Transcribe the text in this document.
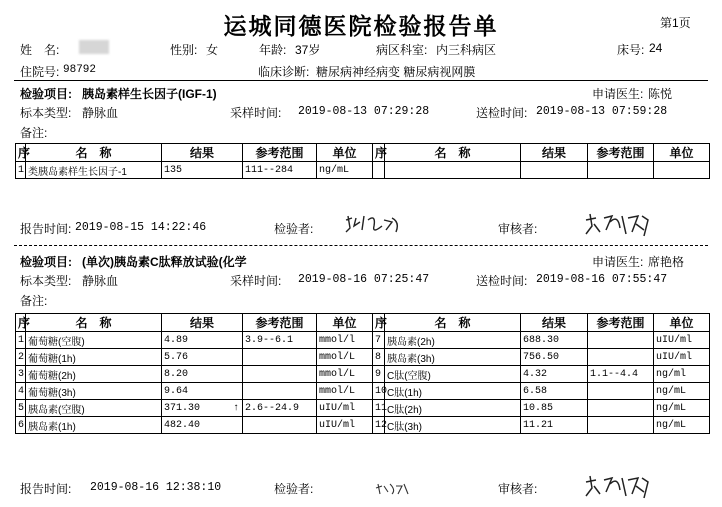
运城同德医院检验报告单	第1页
姓　名:	性别: 女	年龄: 37岁	病区科室: 内三科病区	床号: 24
住院号: 98792	临床诊断: 糖尿病神经病变 糖尿病视网膜
检验项目: 胰岛素样生长因子(IGF-1)	申请医生: 陈悦
标本类型: 静脉血	采样时间: 2019-08-13 07:29:28	送检时间: 2019-08-13 07:59:28
备注:
序	名　称	结果	参考范围	单位	序	名　称	结果	参考范围	单位
1	类胰岛素样生长因子-1	135	111--284	ng/mL					
报告时间: 2019-08-15 14:22:46	检验者:	审核者:
检验项目: (单次)胰岛素C肽释放试验(化学	申请医生: 席艳格
标本类型: 静脉血	采样时间: 2019-08-16 07:25:47	送检时间: 2019-08-16 07:55:47
备注:
序	名　称	结果	参考范围	单位	序	名　称	结果	参考范围	单位
1	葡萄糖(空腹)	4.89	3.9--6.1	mmol/l	7	胰岛素(2h)	688.30		uIU/ml
2	葡萄糖(1h)	5.76		mmol/L	8	胰岛素(3h)	756.50		uIU/ml
3	葡萄糖(2h)	8.20		mmol/L	9	C肽(空腹)	4.32	1.1--4.4	ng/ml
4	葡萄糖(3h)	9.64		mmol/L	10	C肽(1h)	6.58		ng/mL
5	胰岛素(空腹)	371.30 ↑	2.6--24.9	uIU/ml	11	C肽(2h)	10.85		ng/mL
6	胰岛素(1h)	482.40		uIU/ml	12	C肽(3h)	11.21		ng/mL
报告时间: 2019-08-16 12:38:10	检验者:	审核者:
